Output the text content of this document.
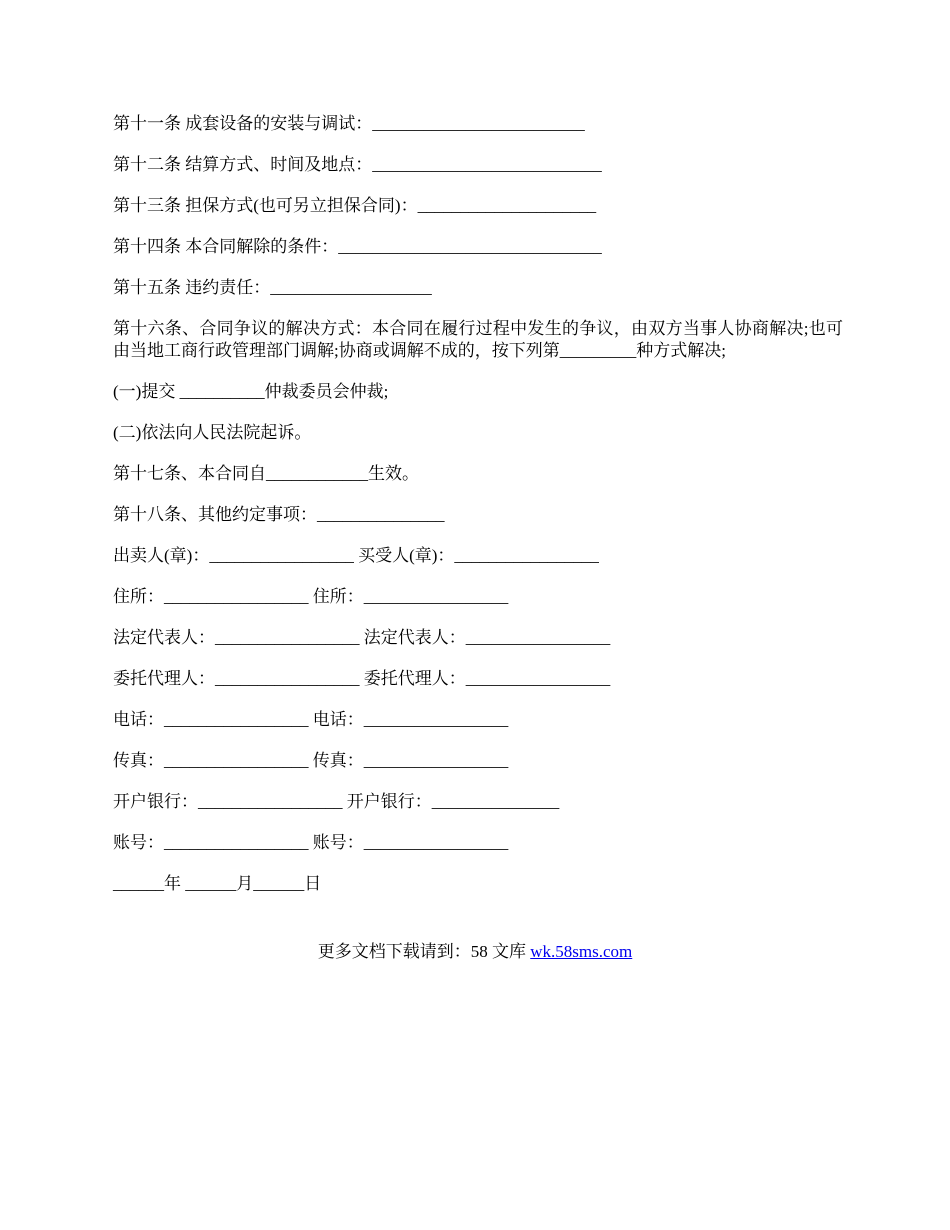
第十一条 成套设备的安装与调试：_________________________
第十二条 结算方式、时间及地点：___________________________
第十三条 担保方式(也可另立担保合同)：_____________________
第十四条 本合同解除的条件：_______________________________
第十五条 违约责任：___________________
第十六条、合同争议的解决方式：本合同在履行过程中发生的争议，由双方当事人协商解决;也可由当地工商行政管理部门调解;协商或调解不成的，按下列第_________种方式解决;
(一)提交 __________仲裁委员会仲裁;
(二)依法向人民法院起诉。
第十七条、本合同自____________生效。
第十八条、其他约定事项：_______________
出卖人(章)：_________________ 买受人(章)：_________________
住所：_________________ 住所：_________________
法定代表人：_________________ 法定代表人：_________________
委托代理人：_________________ 委托代理人：_________________
电话：_________________ 电话：_________________
传真：_________________ 传真：_________________
开户银行：_________________ 开户银行：_______________
账号：_________________ 账号：_________________
______年 ______月______日
更多文档下载请到：58 文库 wk.58sms.com
